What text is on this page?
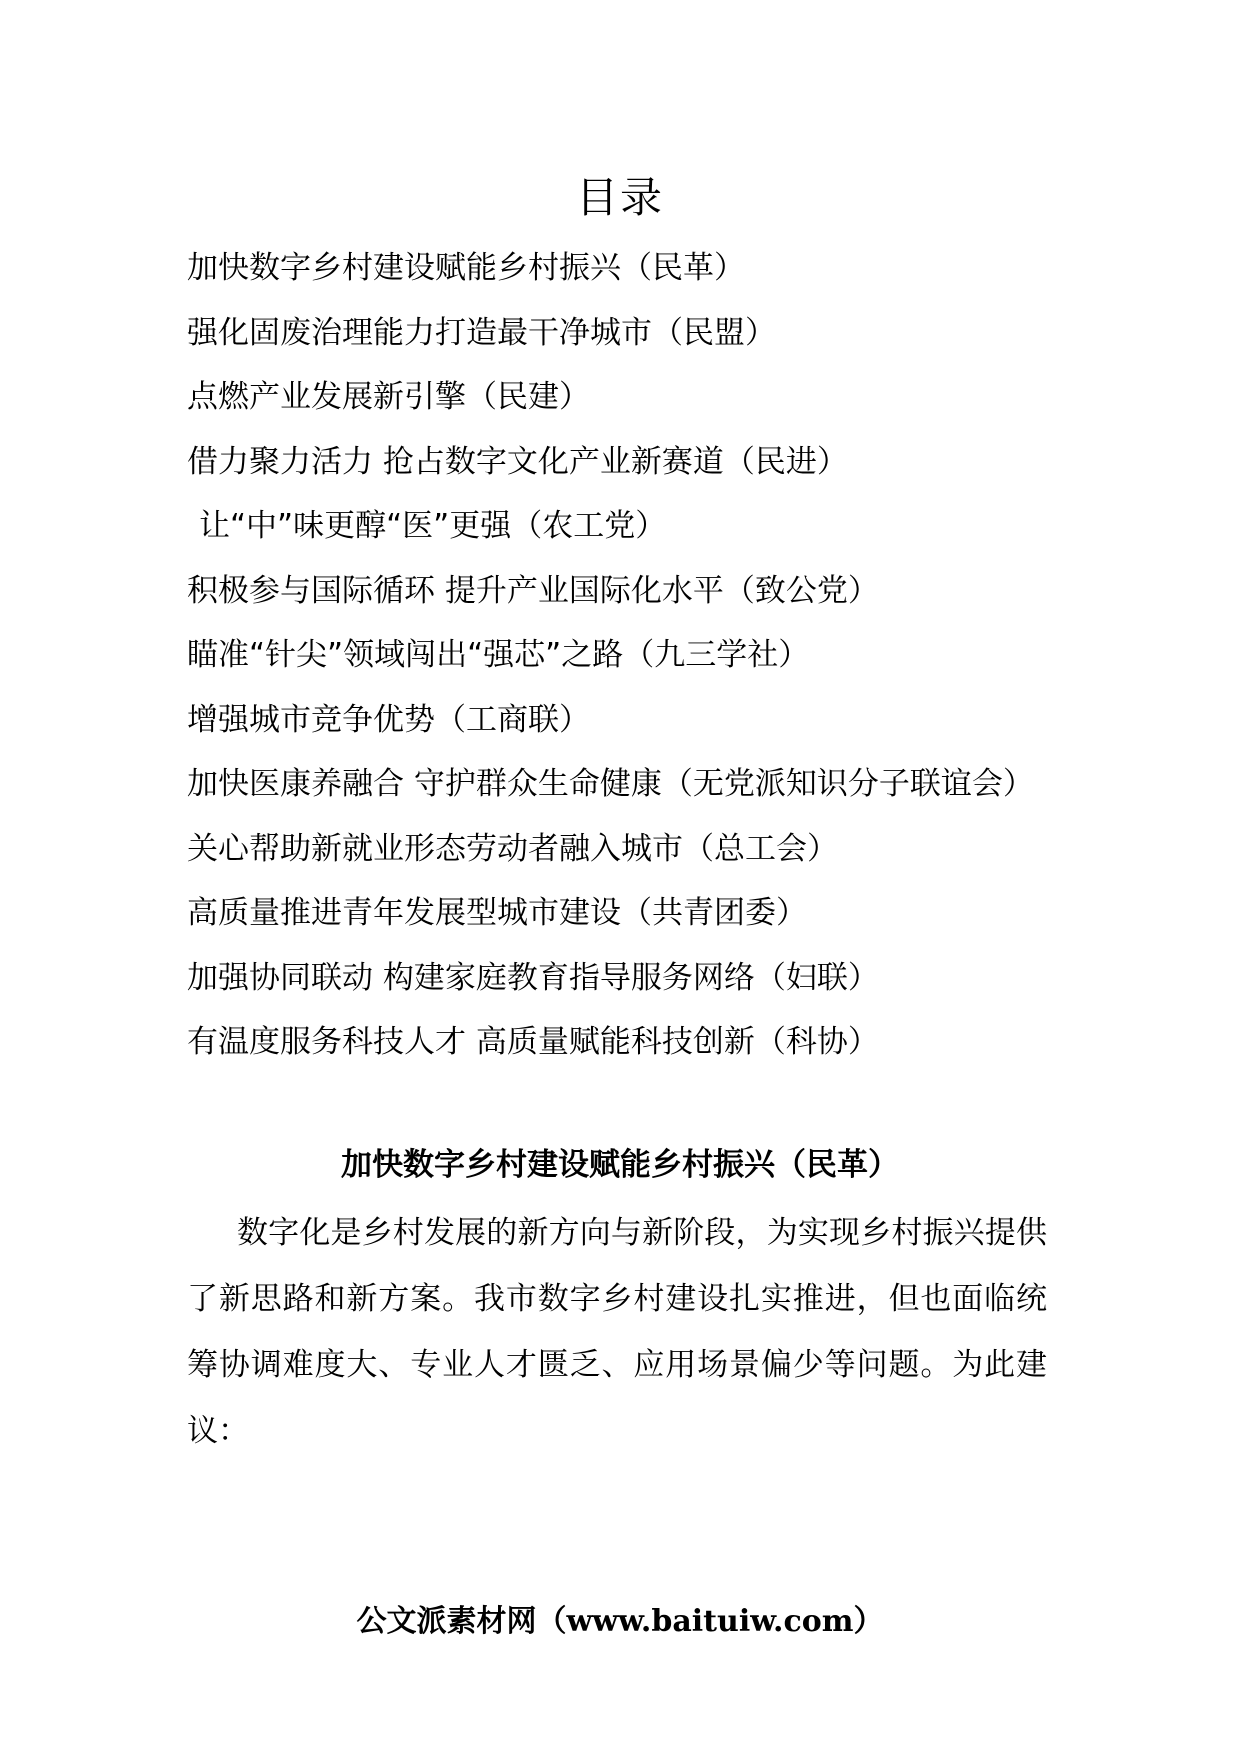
目录
加快数字乡村建设赋能乡村振兴（民革）
强化固废治理能力打造最干净城市（民盟）
点燃产业发展新引擎（民建）
借力聚力活力 抢占数字文化产业新赛道（民进）
让“中”味更醇“医”更强（农工党）
积极参与国际循环 提升产业国际化水平（致公党）
瞄准“针尖”领域闯出“强芯”之路（九三学社）
增强城市竞争优势（工商联）
加快医康养融合 守护群众生命健康（无党派知识分子联谊会）
关心帮助新就业形态劳动者融入城市（总工会）
高质量推进青年发展型城市建设（共青团委）
加强协同联动 构建家庭教育指导服务网络（妇联）
有温度服务科技人才 高质量赋能科技创新（科协）
加快数字乡村建设赋能乡村振兴（民革）

数字化是乡村发展的新方向与新阶段，为实现乡村振兴提供了新思路和新方案。我市数字乡村建设扎实推进，但也面临统筹协调难度大、专业人才匮乏、应用场景偏少等问题。为此建议：

公文派素材网（www.baituiw.com）
